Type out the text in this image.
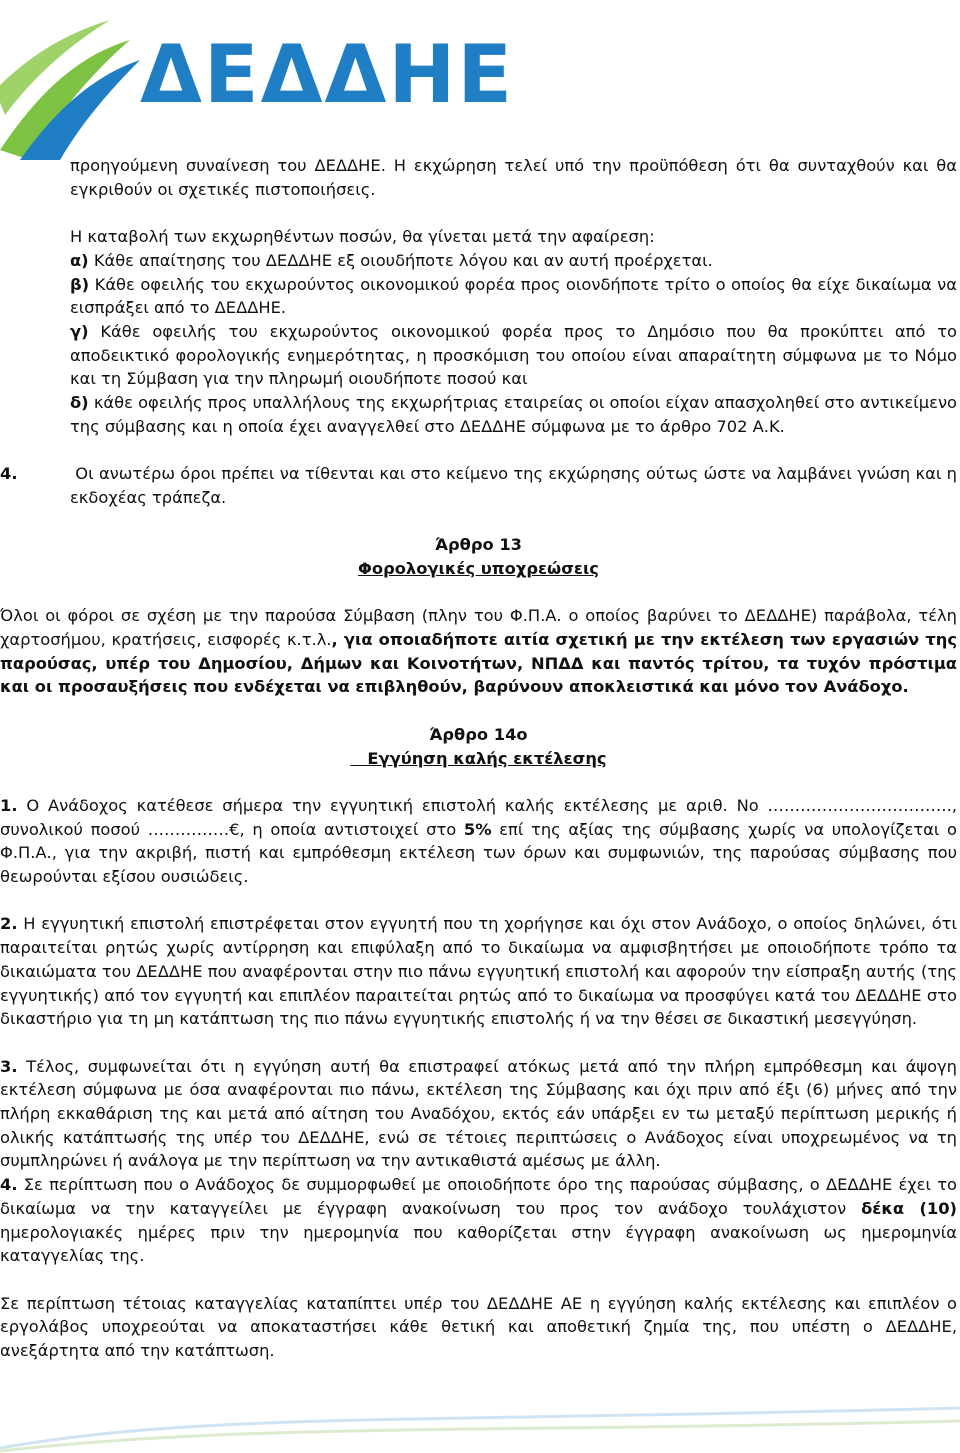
ΔΕΔΔΗΕ

προηγούμενη συναίνεση του ΔΕΔΔΗΕ. Η εκχώρηση τελεί υπό την προϋπόθεση ότι θα συνταχθούν και θα εγκριθούν οι σχετικές πιστοποιήσεις.

Η καταβολή των εκχωρηθέντων ποσών, θα γίνεται μετά την αφαίρεση:

α) Κάθε απαίτησης του ΔΕΔΔΗΕ εξ οιουδήποτε λόγου και αν αυτή προέρχεται.

β) Κάθε οφειλής του εκχωρούντος οικονομικού φορέα προς οιονδήποτε τρίτο ο οποίος θα είχε δικαίωμα να εισπράξει από το ΔΕΔΔΗΕ.

γ) Κάθε οφειλής του εκχωρούντος οικονομικού φορέα προς το Δημόσιο που θα προκύπτει από το αποδεικτικό φορολογικής ενημερότητας, η προσκόμιση του οποίου είναι απαραίτητη σύμφωνα με το Νόμο και τη Σύμβαση για την πληρωμή οιουδήποτε ποσού και

δ) κάθε οφειλής προς υπαλλήλους της εκχωρήτριας εταιρείας οι οποίοι είχαν απασχοληθεί στο αντικείμενο της σύμβασης και η οποία έχει αναγγελθεί στο ΔΕΔΔΗΕ σύμφωνα με το άρθρο 702 Α.Κ.

4.	Οι ανωτέρω όροι πρέπει να τίθενται και στο κείμενο της εκχώρησης ούτως ώστε να λαμβάνει γνώση και η εκδοχέας τράπεζα.

Άρθρο 13

Φορολογικές υποχρεώσεις

Όλοι οι φόροι σε σχέση με την παρούσα Σύμβαση (πλην του Φ.Π.Α. ο οποίος βαρύνει το ΔΕΔΔΗΕ) παράβολα, τέλη χαρτοσήμου, κρατήσεις, εισφορές κ.τ.λ., για οποιαδήποτε αιτία σχετική με την εκτέλεση των εργασιών της παρούσας, υπέρ του Δημοσίου, Δήμων και Κοινοτήτων, ΝΠΔΔ και παντός τρίτου, τα τυχόν πρόστιμα και οι προσαυξήσεις που ενδέχεται να επιβληθούν, βαρύνουν αποκλειστικά και μόνο τον Ανάδοχο.

Άρθρο 14ο

Εγγύηση καλής εκτέλεσης

1. Ο Ανάδοχος κατέθεσε σήμερα την εγγυητική επιστολή καλής εκτέλεσης με αριθ. Νο ……………………………., συνολικού ποσού ……………€, η οποία αντιστοιχεί στο 5% επί της αξίας της σύμβασης χωρίς να υπολογίζεται ο Φ.Π.Α., για την ακριβή, πιστή και εμπρόθεσμη εκτέλεση των όρων και συμφωνιών, της παρούσας σύμβασης που θεωρούνται εξίσου ουσιώδεις.

2. Η εγγυητική επιστολή επιστρέφεται στον εγγυητή που τη χορήγησε και όχι στον Ανάδοχο, ο οποίος δηλώνει, ότι παραιτείται ρητώς χωρίς αντίρρηση και επιφύλαξη από το δικαίωμα να αμφισβητήσει με οποιοδήποτε τρόπο τα δικαιώματα του ΔΕΔΔΗΕ που αναφέρονται στην πιο πάνω εγγυητική επιστολή και αφορούν την είσπραξη αυτής (της εγγυητικής) από τον εγγυητή και επιπλέον παραιτείται ρητώς από το δικαίωμα να προσφύγει κατά του ΔΕΔΔΗΕ στο δικαστήριο για τη μη κατάπτωση της πιο πάνω εγγυητικής επιστολής ή να την θέσει σε δικαστική μεσεγγύηση.

3. Τέλος, συμφωνείται ότι η εγγύηση αυτή θα επιστραφεί ατόκως μετά από την πλήρη εμπρόθεσμη και άψογη εκτέλεση σύμφωνα με όσα αναφέρονται πιο πάνω, εκτέλεση της Σύμβασης και όχι πριν από έξι (6) μήνες από την πλήρη εκκαθάριση της και μετά από αίτηση του Αναδόχου, εκτός εάν υπάρξει εν τω μεταξύ περίπτωση μερικής ή ολικής κατάπτωσής της υπέρ του ΔΕΔΔΗΕ, ενώ σε τέτοιες περιπτώσεις ο Ανάδοχος είναι υποχρεωμένος να τη συμπληρώνει ή ανάλογα με την περίπτωση να την αντικαθιστά αμέσως με άλλη.

4. Σε περίπτωση που ο Ανάδοχος δε συμμορφωθεί με οποιοδήποτε όρο της παρούσας σύμβασης, ο ΔΕΔΔΗΕ έχει το δικαίωμα να την καταγγείλει με έγγραφη ανακοίνωση του προς τον ανάδοχο τουλάχιστον δέκα (10) ημερολογιακές ημέρες πριν την ημερομηνία που καθορίζεται στην έγγραφη ανακοίνωση ως ημερομηνία καταγγελίας της.

Σε περίπτωση τέτοιας καταγγελίας καταπίπτει υπέρ του ΔΕΔΔΗΕ ΑΕ η εγγύηση καλής εκτέλεσης και επιπλέον ο εργολάβος υποχρεούται να αποκαταστήσει κάθε θετική και αποθετική ζημία της, που υπέστη ο ΔΕΔΔΗΕ, ανεξάρτητα από την κατάπτωση.
